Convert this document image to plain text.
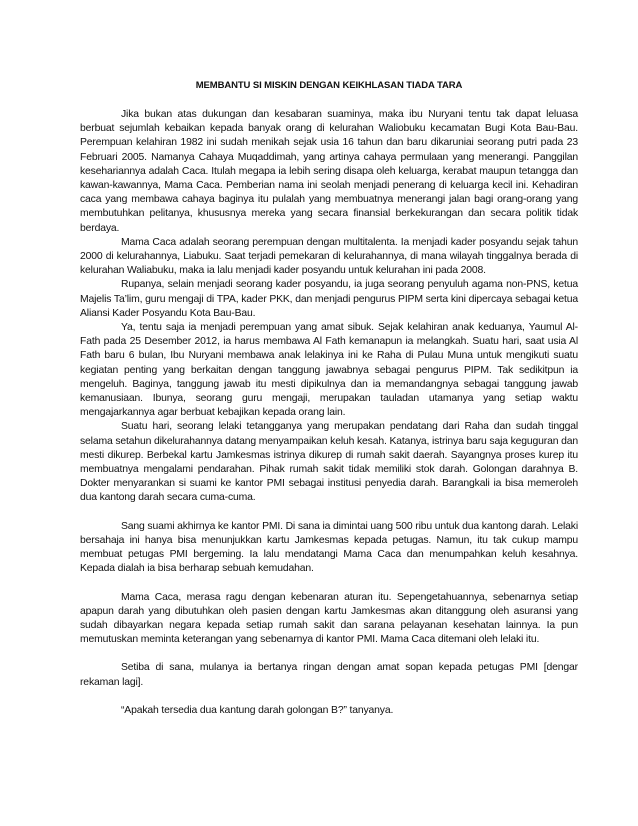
MEMBANTU SI MISKIN DENGAN KEIKHLASAN TIADA TARA

Jika bukan atas dukungan dan kesabaran suaminya, maka ibu Nuryani tentu tak dapat leluasa berbuat sejumlah kebaikan kepada banyak orang di kelurahan Waliobuku kecamatan Bugi Kota Bau-Bau. Perempuan kelahiran 1982 ini sudah menikah sejak usia 16 tahun dan baru dikaruniai seorang putri pada 23 Februari 2005. Namanya Cahaya Muqaddimah, yang artinya cahaya permulaan yang menerangi. Panggilan kesehariannya adalah Caca. Itulah megapa ia lebih sering disapa oleh keluarga, kerabat maupun tetangga dan kawan-kawannya, Mama Caca. Pemberian nama ini seolah menjadi penerang di keluarga kecil ini. Kehadiran caca yang membawa cahaya baginya itu pulalah yang membuatnya menerangi jalan bagi orang-orang yang membutuhkan pelitanya, khususnya mereka yang secara finansial berkekurangan dan secara politik tidak berdaya.

Mama Caca adalah seorang perempuan dengan multitalenta. Ia menjadi kader posyandu sejak tahun 2000 di kelurahannya, Liabuku. Saat terjadi pemekaran di kelurahannya, di mana wilayah tinggalnya berada di kelurahan Waliabuku, maka ia lalu menjadi kader posyandu untuk kelurahan ini pada 2008.

Rupanya, selain menjadi seorang kader posyandu, ia juga seorang penyuluh agama non-PNS, ketua Majelis Ta’lim, guru mengaji di TPA, kader PKK, dan menjadi pengurus PIPM serta kini dipercaya sebagai ketua Aliansi Kader Posyandu Kota Bau-Bau.

Ya, tentu saja ia menjadi perempuan yang amat sibuk. Sejak kelahiran anak keduanya, Yaumul Al-Fath pada 25 Desember 2012, ia harus membawa Al Fath kemanapun ia melangkah. Suatu hari, saat usia Al Fath baru 6 bulan, Ibu Nuryani membawa anak lelakinya ini ke Raha di Pulau Muna untuk mengikuti suatu kegiatan penting yang berkaitan dengan tanggung jawabnya sebagai pengurus PIPM. Tak sedikitpun ia mengeluh. Baginya, tanggung jawab itu mesti dipikulnya dan ia memandangnya sebagai tanggung jawab kemanusiaan. Ibunya, seorang guru mengaji, merupakan tauladan utamanya yang setiap waktu mengajarkannya agar berbuat kebajikan kepada orang lain.

Suatu hari, seorang lelaki tetangganya yang merupakan pendatang dari Raha dan sudah tinggal selama setahun dikelurahannya datang menyampaikan keluh kesah. Katanya, istrinya baru saja keguguran dan mesti dikurep. Berbekal kartu Jamkesmas istrinya dikurep di rumah sakit daerah. Sayangnya proses kurep itu membuatnya mengalami pendarahan. Pihak rumah sakit tidak memiliki stok darah. Golongan darahnya B. Dokter menyarankan si suami ke kantor PMI sebagai institusi penyedia darah. Barangkali ia bisa memeroleh dua kantong darah secara cuma-cuma.

Sang suami akhirnya ke kantor PMI. Di sana ia dimintai uang 500 ribu untuk dua kantong darah. Lelaki bersahaja ini hanya bisa menunjukkan kartu Jamkesmas kepada petugas. Namun, itu tak cukup mampu membuat petugas PMI bergeming. Ia lalu mendatangi Mama Caca dan menumpahkan keluh kesahnya. Kepada dialah ia bisa berharap sebuah kemudahan.

Mama Caca, merasa ragu dengan kebenaran aturan itu. Sepengetahuannya, sebenarnya setiap apapun darah yang dibutuhkan oleh pasien dengan kartu Jamkesmas akan ditanggung oleh asuransi yang sudah dibayarkan negara kepada setiap rumah sakit dan sarana pelayanan kesehatan lainnya. Ia pun memutuskan meminta keterangan yang sebenarnya di kantor PMI. Mama Caca ditemani oleh lelaki itu.

Setiba di sana, mulanya ia bertanya ringan dengan amat sopan kepada petugas PMI [dengar rekaman lagi].

“Apakah tersedia dua kantung darah golongan B?” tanyanya.
